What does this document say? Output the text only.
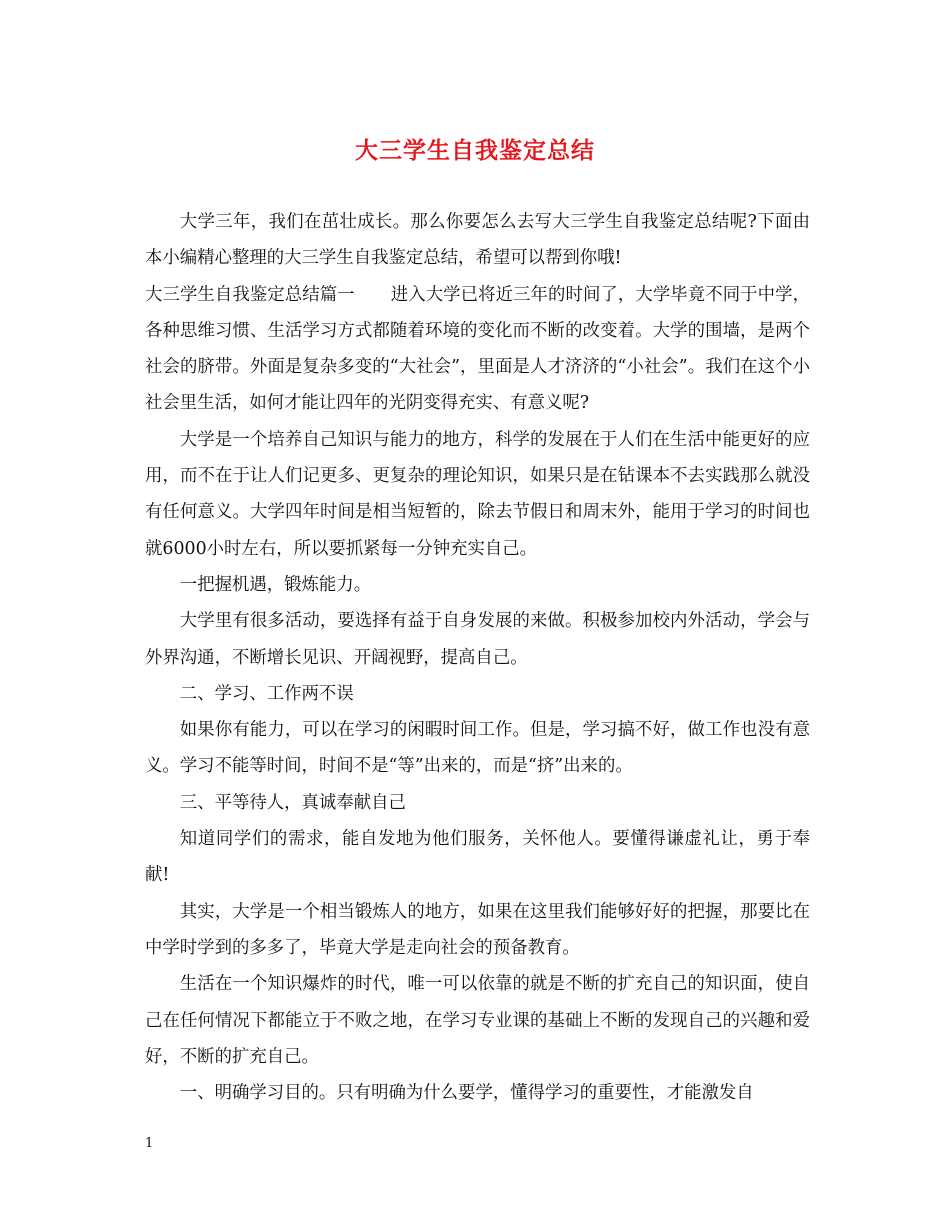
大三学生自我鉴定总结

大学三年，我们在茁壮成长。那么你要怎么去写大三学生自我鉴定总结呢?下面由本小编精心整理的大三学生自我鉴定总结，希望可以帮到你哦!

大三学生自我鉴定总结篇一 进入大学已将近三年的时间了，大学毕竟不同于中学，各种思维习惯、生活学习方式都随着环境的变化而不断的改变着。大学的围墙，是两个社会的脐带。外面是复杂多变的“大社会”，里面是人才济济的“小社会”。我们在这个小社会里生活，如何才能让四年的光阴变得充实、有意义呢?

大学是一个培养自己知识与能力的地方，科学的发展在于人们在生活中能更好的应用，而不在于让人们记更多、更复杂的理论知识，如果只是在钻课本不去实践那么就没有任何意义。大学四年时间是相当短暂的，除去节假日和周末外，能用于学习的时间也就6000小时左右，所以要抓紧每一分钟充实自己。

一把握机遇，锻炼能力。

大学里有很多活动，要选择有益于自身发展的来做。积极参加校内外活动，学会与外界沟通，不断增长见识、开阔视野，提高自己。

二、学习、工作两不误

如果你有能力，可以在学习的闲暇时间工作。但是，学习搞不好，做工作也没有意义。学习不能等时间，时间不是“等”出来的，而是“挤”出来的。

三、平等待人，真诚奉献自己

知道同学们的需求，能自发地为他们服务，关怀他人。要懂得谦虚礼让，勇于奉献!

其实，大学是一个相当锻炼人的地方，如果在这里我们能够好好的把握，那要比在中学时学到的多多了，毕竟大学是走向社会的预备教育。

生活在一个知识爆炸的时代，唯一可以依靠的就是不断的扩充自己的知识面，使自己在任何情况下都能立于不败之地，在学习专业课的基础上不断的发现自己的兴趣和爱好，不断的扩充自己。

一、明确学习目的。只有明确为什么要学，懂得学习的重要性，才能激发自

1
